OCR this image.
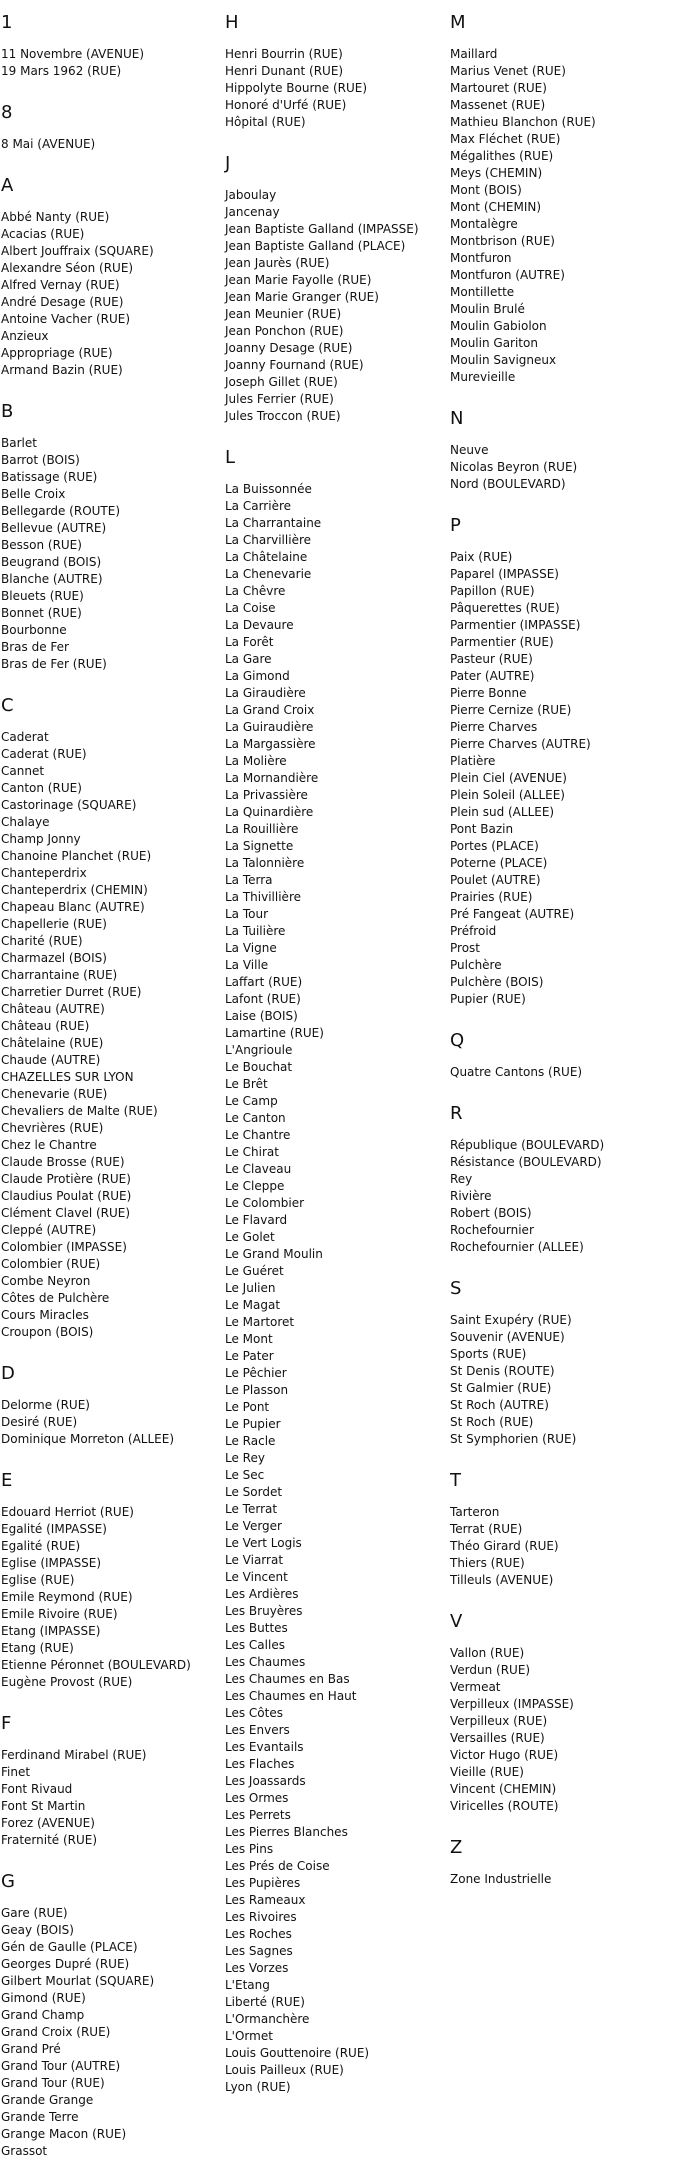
1
11 Novembre (AVENUE)
19 Mars 1962 (RUE)
8
8 Mai (AVENUE)
A
Abbé Nanty (RUE)
Acacias (RUE)
Albert Jouffraix (SQUARE)
Alexandre Séon (RUE)
Alfred Vernay (RUE)
André Desage (RUE)
Antoine Vacher (RUE)
Anzieux
Appropriage (RUE)
Armand Bazin (RUE)
B
Barlet
Barrot (BOIS)
Batissage (RUE)
Belle Croix
Bellegarde (ROUTE)
Bellevue (AUTRE)
Besson (RUE)
Beugrand (BOIS)
Blanche (AUTRE)
Bleuets (RUE)
Bonnet (RUE)
Bourbonne
Bras de Fer
Bras de Fer (RUE)
C
Caderat
Caderat (RUE)
Cannet
Canton (RUE)
Castorinage (SQUARE)
Chalaye
Champ Jonny
Chanoine Planchet (RUE)
Chanteperdrix
Chanteperdrix (CHEMIN)
Chapeau Blanc (AUTRE)
Chapellerie (RUE)
Charité (RUE)
Charmazel (BOIS)
Charrantaine (RUE)
Charretier Durret (RUE)
Château (AUTRE)
Château (RUE)
Châtelaine (RUE)
Chaude (AUTRE)
CHAZELLES SUR LYON
Chenevarie (RUE)
Chevaliers de Malte (RUE)
Chevrières (RUE)
Chez le Chantre
Claude Brosse (RUE)
Claude Protière (RUE)
Claudius Poulat (RUE)
Clément Clavel (RUE)
Cleppé (AUTRE)
Colombier (IMPASSE)
Colombier (RUE)
Combe Neyron
Côtes de Pulchère
Cours Miracles
Croupon (BOIS)
D
Delorme (RUE)
Desiré (RUE)
Dominique Morreton (ALLEE)
E
Edouard Herriot (RUE)
Egalité (IMPASSE)
Egalité (RUE)
Eglise (IMPASSE)
Eglise (RUE)
Emile Reymond (RUE)
Emile Rivoire (RUE)
Etang (IMPASSE)
Etang (RUE)
Etienne Péronnet (BOULEVARD)
Eugène Provost (RUE)
F
Ferdinand Mirabel (RUE)
Finet
Font Rivaud
Font St Martin
Forez (AVENUE)
Fraternité (RUE)
G
Gare (RUE)
Geay (BOIS)
Gén de Gaulle (PLACE)
Georges Dupré (RUE)
Gilbert Mourlat (SQUARE)
Gimond (RUE)
Grand Champ
Grand Croix (RUE)
Grand Pré
Grand Tour (AUTRE)
Grand Tour (RUE)
Grande Grange
Grande Terre
Grange Macon (RUE)
Grassot
H
Henri Bourrin (RUE)
Henri Dunant (RUE)
Hippolyte Bourne (RUE)
Honoré d'Urfé (RUE)
Hôpital (RUE)
J
Jaboulay
Jancenay
Jean Baptiste Galland (IMPASSE)
Jean Baptiste Galland (PLACE)
Jean Jaurès (RUE)
Jean Marie Fayolle (RUE)
Jean Marie Granger (RUE)
Jean Meunier (RUE)
Jean Ponchon (RUE)
Joanny Desage (RUE)
Joanny Fournand (RUE)
Joseph Gillet (RUE)
Jules Ferrier (RUE)
Jules Troccon (RUE)
L
La Buissonnée
La Carrière
La Charrantaine
La Charvillière
La Châtelaine
La Chenevarie
La Chêvre
La Coise
La Devaure
La Forêt
La Gare
La Gimond
La Giraudière
La Grand Croix
La Guiraudière
La Margassière
La Molière
La Mornandière
La Privassière
La Quinardière
La Rouillière
La Signette
La Talonnière
La Terra
La Thivillière
La Tour
La Tuilière
La Vigne
La Ville
Laffart (RUE)
Lafont (RUE)
Laise (BOIS)
Lamartine (RUE)
L'Angrioule
Le Bouchat
Le Brêt
Le Camp
Le Canton
Le Chantre
Le Chirat
Le Claveau
Le Cleppe
Le Colombier
Le Flavard
Le Golet
Le Grand Moulin
Le Guéret
Le Julien
Le Magat
Le Martoret
Le Mont
Le Pater
Le Pêchier
Le Plasson
Le Pont
Le Pupier
Le Racle
Le Rey
Le Sec
Le Sordet
Le Terrat
Le Verger
Le Vert Logis
Le Viarrat
Le Vincent
Les Ardières
Les Bruyères
Les Buttes
Les Calles
Les Chaumes
Les Chaumes en Bas
Les Chaumes en Haut
Les Côtes
Les Envers
Les Evantails
Les Flaches
Les Joassards
Les Ormes
Les Perrets
Les Pierres Blanches
Les Pins
Les Prés de Coise
Les Pupières
Les Rameaux
Les Rivoires
Les Roches
Les Sagnes
Les Vorzes
L'Etang
Liberté (RUE)
L'Ormanchère
L'Ormet
Louis Gouttenoire (RUE)
Louis Pailleux (RUE)
Lyon (RUE)
M
Maillard
Marius Venet (RUE)
Martouret (RUE)
Massenet (RUE)
Mathieu Blanchon (RUE)
Max Fléchet (RUE)
Mégalithes (RUE)
Meys (CHEMIN)
Mont (BOIS)
Mont (CHEMIN)
Montalègre
Montbrison (RUE)
Montfuron
Montfuron (AUTRE)
Montillette
Moulin Brulé
Moulin Gabiolon
Moulin Gariton
Moulin Savigneux
Murevieille
N
Neuve
Nicolas Beyron (RUE)
Nord (BOULEVARD)
P
Paix (RUE)
Paparel (IMPASSE)
Papillon (RUE)
Pâquerettes (RUE)
Parmentier (IMPASSE)
Parmentier (RUE)
Pasteur (RUE)
Pater (AUTRE)
Pierre Bonne
Pierre Cernize (RUE)
Pierre Charves
Pierre Charves (AUTRE)
Platière
Plein Ciel (AVENUE)
Plein Soleil (ALLEE)
Plein sud (ALLEE)
Pont Bazin
Portes (PLACE)
Poterne (PLACE)
Poulet (AUTRE)
Prairies (RUE)
Pré Fangeat (AUTRE)
Préfroid
Prost
Pulchère
Pulchère (BOIS)
Pupier (RUE)
Q
Quatre Cantons (RUE)
R
République (BOULEVARD)
Résistance (BOULEVARD)
Rey
Rivière
Robert (BOIS)
Rochefournier
Rochefournier (ALLEE)
S
Saint Exupéry (RUE)
Souvenir (AVENUE)
Sports (RUE)
St Denis (ROUTE)
St Galmier (RUE)
St Roch (AUTRE)
St Roch (RUE)
St Symphorien (RUE)
T
Tarteron
Terrat (RUE)
Théo Girard (RUE)
Thiers (RUE)
Tilleuls (AVENUE)
V
Vallon (RUE)
Verdun (RUE)
Vermeat
Verpilleux (IMPASSE)
Verpilleux (RUE)
Versailles (RUE)
Victor Hugo (RUE)
Vieille (RUE)
Vincent (CHEMIN)
Viricelles (ROUTE)
Z
Zone Industrielle
